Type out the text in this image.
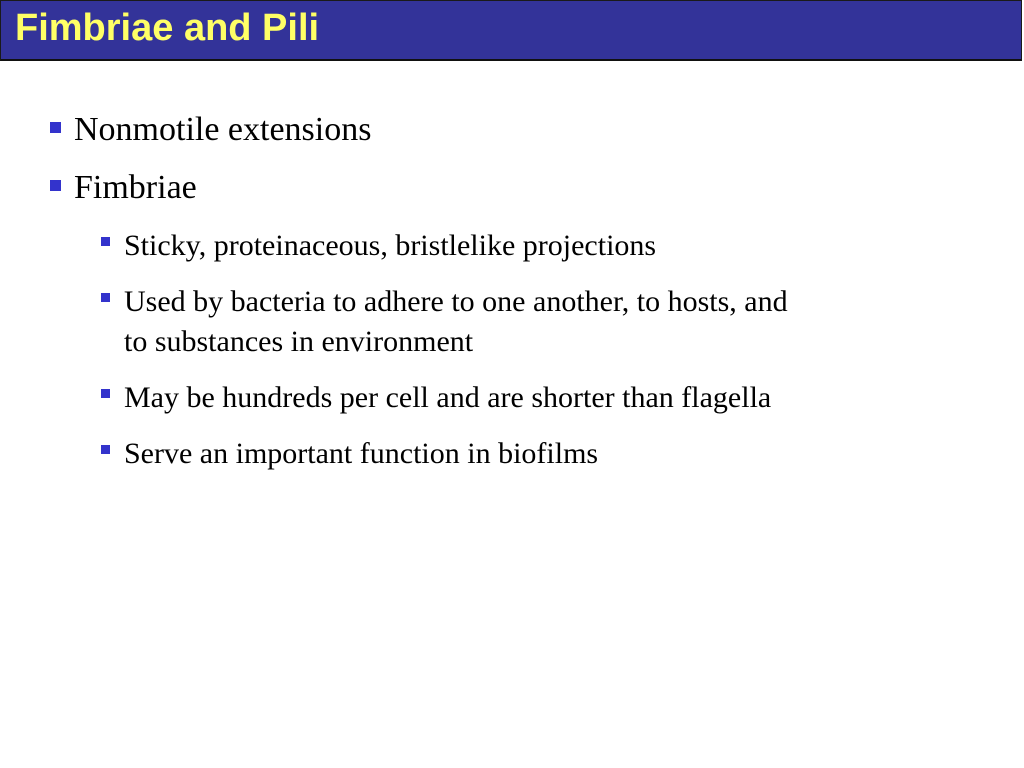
Fimbriae and Pili
Nonmotile extensions
Fimbriae
Sticky, proteinaceous, bristlelike projections
Used by bacteria to adhere to one another, to hosts, and
to substances in environment
May be hundreds per cell and are shorter than flagella
Serve an important function in biofilms
